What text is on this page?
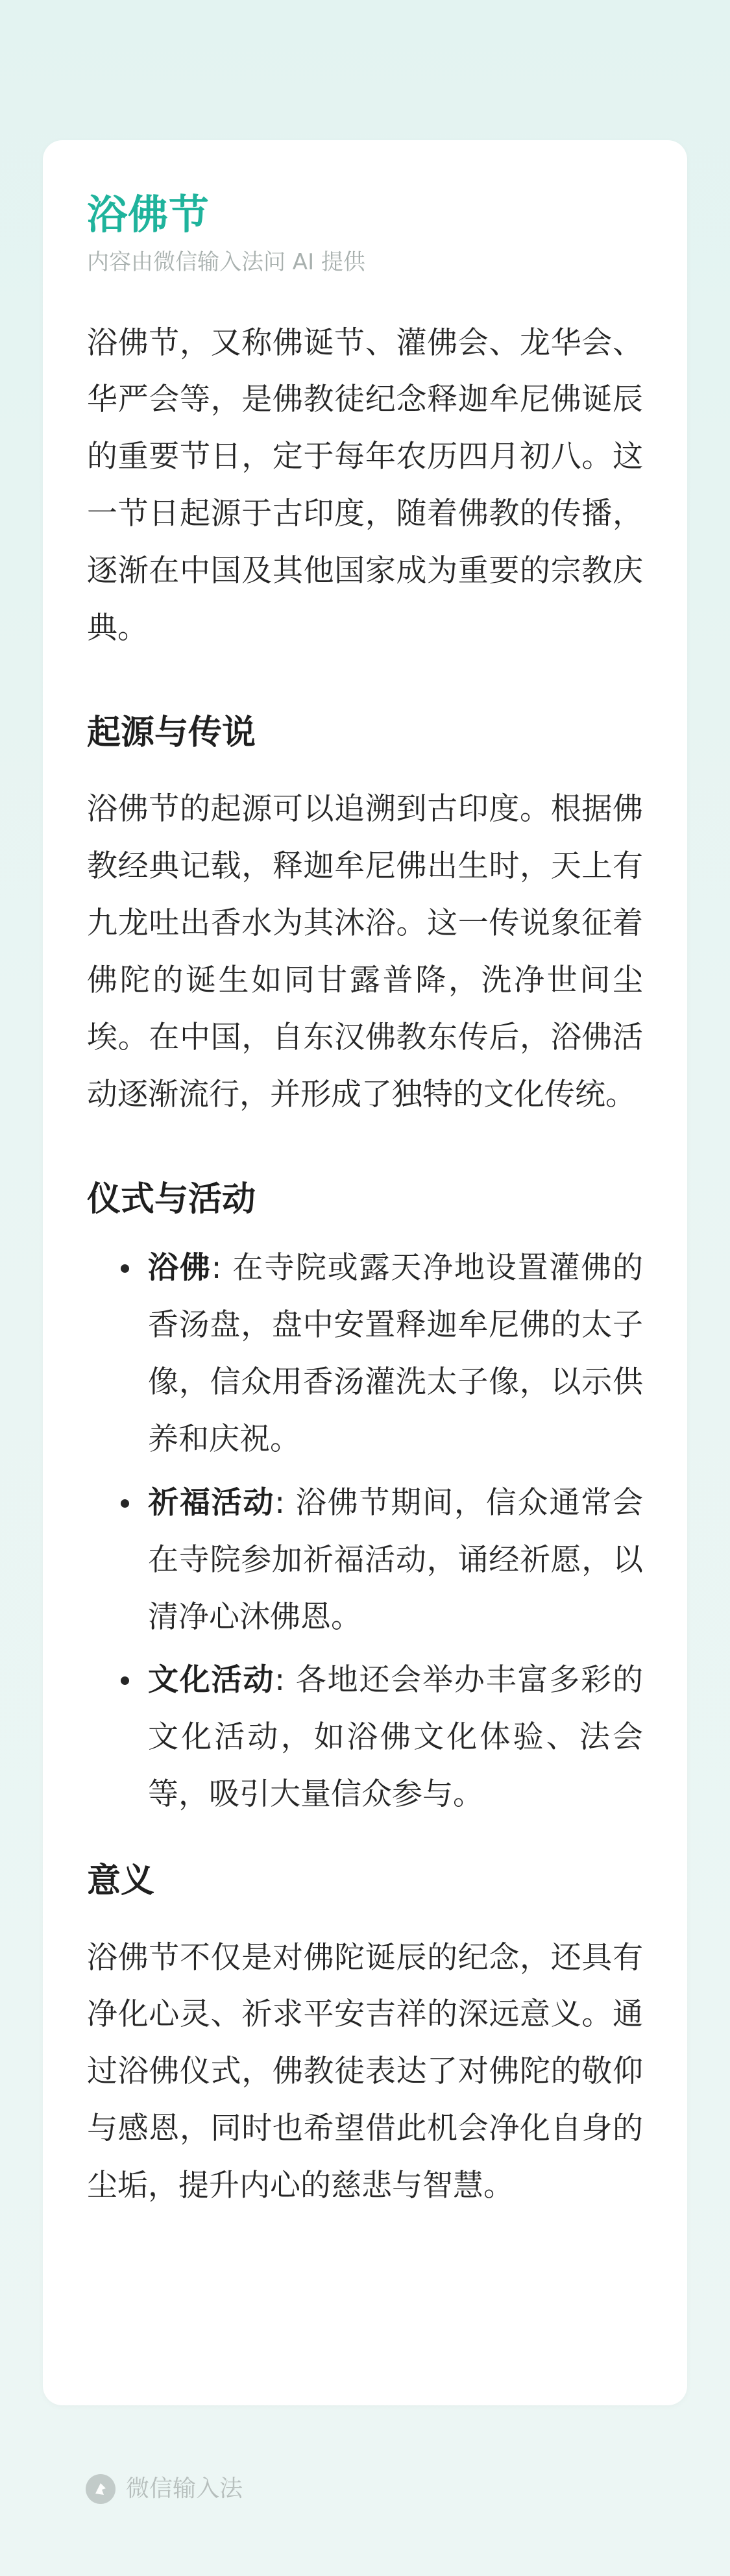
浴佛节
内容由微信输入法问 AI 提供

浴佛节，又称佛诞节、灌佛会、龙华会、华严会等，是佛教徒纪念释迦牟尼佛诞辰的重要节日，定于每年农历四月初八。这一节日起源于古印度，随着佛教的传播，逐渐在中国及其他国家成为重要的宗教庆典。

起源与传说

浴佛节的起源可以追溯到古印度。根据佛教经典记载，释迦牟尼佛出生时，天上有九龙吐出香水为其沐浴。这一传说象征着佛陀的诞生如同甘露普降，洗净世间尘埃。在中国，自东汉佛教东传后，浴佛活动逐渐流行，并形成了独特的文化传统。

仪式与活动
浴佛: 在寺院或露天净地设置灌佛的香汤盘，盘中安置释迦牟尼佛的太子像，信众用香汤灌洗太子像，以示供养和庆祝。
祈福活动: 浴佛节期间，信众通常会在寺院参加祈福活动，诵经祈愿，以清净心沐佛恩。
文化活动: 各地还会举办丰富多彩的文化活动，如浴佛文化体验、法会等，吸引大量信众参与。
意义

浴佛节不仅是对佛陀诞辰的纪念，还具有净化心灵、祈求平安吉祥的深远意义。通过浴佛仪式，佛教徒表达了对佛陀的敬仰与感恩，同时也希望借此机会净化自身的尘垢，提升内心的慈悲与智慧。

微信输入法
